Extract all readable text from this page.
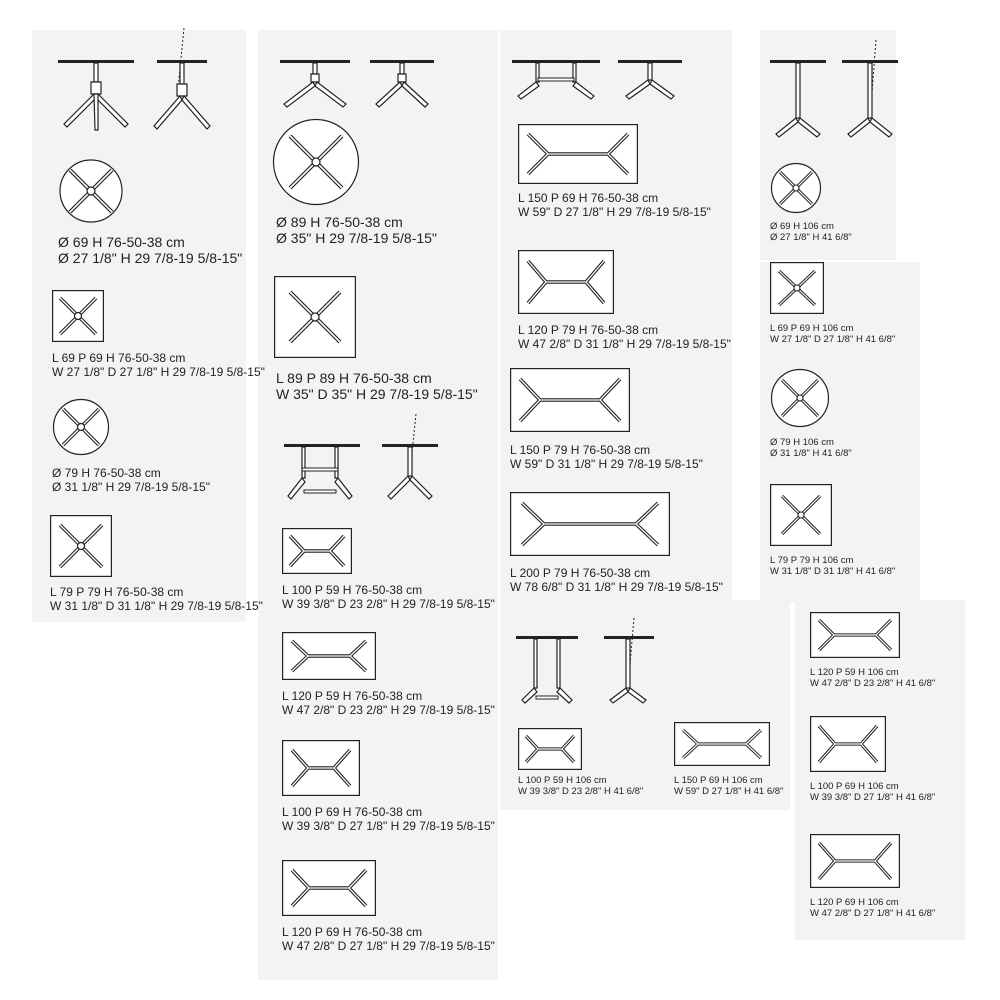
Ø 69 H 76-50-38 cm
Ø 27 1/8" H 29 7/8-19 5/8-15"
L 69 P 69 H 76-50-38 cm
W 27 1/8" D 27 1/8" H 29 7/8-19 5/8-15"
Ø 79 H 76-50-38 cm
Ø 31 1/8" H 29 7/8-19 5/8-15"
L 79 P 79 H 76-50-38 cm
W 31 1/8" D 31 1/8" H 29 7/8-19 5/8-15"
Ø 89 H 76-50-38 cm
Ø 35" H 29 7/8-19 5/8-15"
L 89 P 89 H 76-50-38 cm
W 35" D 35" H 29 7/8-19 5/8-15"
L 100 P 59 H 76-50-38 cm
W 39 3/8" D 23 2/8" H 29 7/8-19 5/8-15"
L 120 P 59 H 76-50-38 cm
W 47 2/8" D 23 2/8" H 29 7/8-19 5/8-15"
L 100 P 69 H 76-50-38 cm
W 39 3/8" D 27 1/8" H 29 7/8-19 5/8-15"
L 120 P 69 H 76-50-38 cm
W 47 2/8" D 27 1/8" H 29 7/8-19 5/8-15"
L 150 P 69 H 76-50-38 cm
W 59" D 27 1/8" H 29 7/8-19 5/8-15"
L 120 P 79 H 76-50-38 cm
W 47 2/8" D 31 1/8" H 29 7/8-19 5/8-15"
L 150 P 79 H 76-50-38 cm
W 59" D 31 1/8" H 29 7/8-19 5/8-15"
L 200 P 79 H 76-50-38 cm
W 78 6/8" D 31 1/8" H 29 7/8-19 5/8-15"
L 100 P 59 H 106 cm
W 39 3/8" D 23 2/8" H 41 6/8"
L 150 P 69 H 106 cm
W 59" D 27 1/8" H 41 6/8"
Ø 69 H 106 cm
Ø 27 1/8" H 41 6/8"
L 69 P 69 H 106 cm
W 27 1/8" D 27 1/8" H 41 6/8"
Ø 79 H 106 cm
Ø 31 1/8" H 41 6/8"
L 79 P 79 H 106 cm
W 31 1/8" D 31 1/8" H 41 6/8"
L 120 P 59 H 106 cm
W 47 2/8" D 23 2/8" H 41 6/8"
L 100 P 69 H 106 cm
W 39 3/8" D 27 1/8" H 41 6/8"
L 120 P 69 H 106 cm
W 47 2/8" D 27 1/8" H 41 6/8"
